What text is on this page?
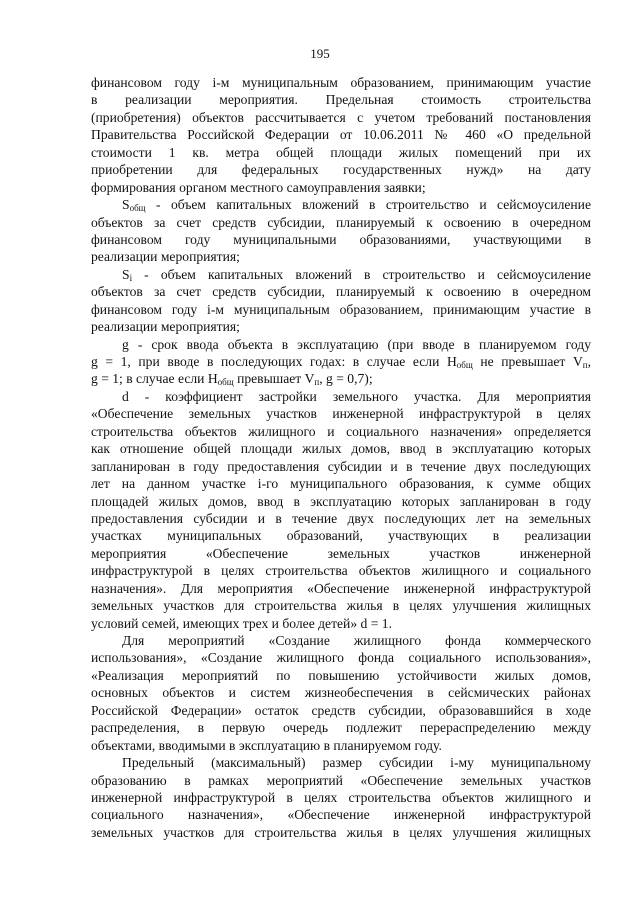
195
финансовом году i-м муниципальным образованием, принимающим участие
в реализации мероприятия. Предельная стоимость строительства
(приобретения) объектов рассчитывается с учетом требований постановления
Правительства Российской Федерации от 10.06.2011 № 460 «О предельной
стоимости 1 кв. метра общей площади жилых помещений при их
приобретении для федеральных государственных нужд» на дату
формирования органом местного самоуправления заявки;
$S_{общ}$ - объем капитальных вложений в строительство и сейсмоусиление
объектов за счет средств субсидии, планируемый к освоению в очередном
финансовом году муниципальными образованиями, участвующими в
реализации мероприятия;
$S_i$ - объем капитальных вложений в строительство и сейсмоусиление
объектов за счет средств субсидии, планируемый к освоению в очередном
финансовом году i-м муниципальным образованием, принимающим участие в
реализации мероприятия;
g - срок ввода объекта в эксплуатацию (при вводе в планируемом году
g = 1, при вводе в последующих годах: в случае если $H_{общ}$ не превышает $V_п$,
g = 1; в случае если $H_{общ}$ превышает $V_п$, g = 0,7);
d - коэффициент застройки земельного участка. Для мероприятия
«Обеспечение земельных участков инженерной инфраструктурой в целях
строительства объектов жилищного и социального назначения» определяется
как отношение общей площади жилых домов, ввод в эксплуатацию которых
запланирован в году предоставления субсидии и в течение двух последующих
лет на данном участке i-го муниципального образования, к сумме общих
площадей жилых домов, ввод в эксплуатацию которых запланирован в году
предоставления субсидии и в течение двух последующих лет на земельных
участках муниципальных образований, участвующих в реализации
мероприятия «Обеспечение земельных участков инженерной
инфраструктурой в целях строительства объектов жилищного и социального
назначения». Для мероприятия «Обеспечение инженерной инфраструктурой
земельных участков для строительства жилья в целях улучшения жилищных
условий семей, имеющих трех и более детей» d = 1.
Для мероприятий «Создание жилищного фонда коммерческого
использования», «Создание жилищного фонда социального использования»,
«Реализация мероприятий по повышению устойчивости жилых домов,
основных объектов и систем жизнеобеспечения в сейсмических районах
Российской Федерации» остаток средств субсидии, образовавшийся в ходе
распределения, в первую очередь подлежит перераспределению между
объектами, вводимыми в эксплуатацию в планируемом году.
Предельный (максимальный) размер субсидии i-му муниципальному
образованию в рамках мероприятий «Обеспечение земельных участков
инженерной инфраструктурой в целях строительства объектов жилищного и
социального назначения», «Обеспечение инженерной инфраструктурой
земельных участков для строительства жилья в целях улучшения жилищных
